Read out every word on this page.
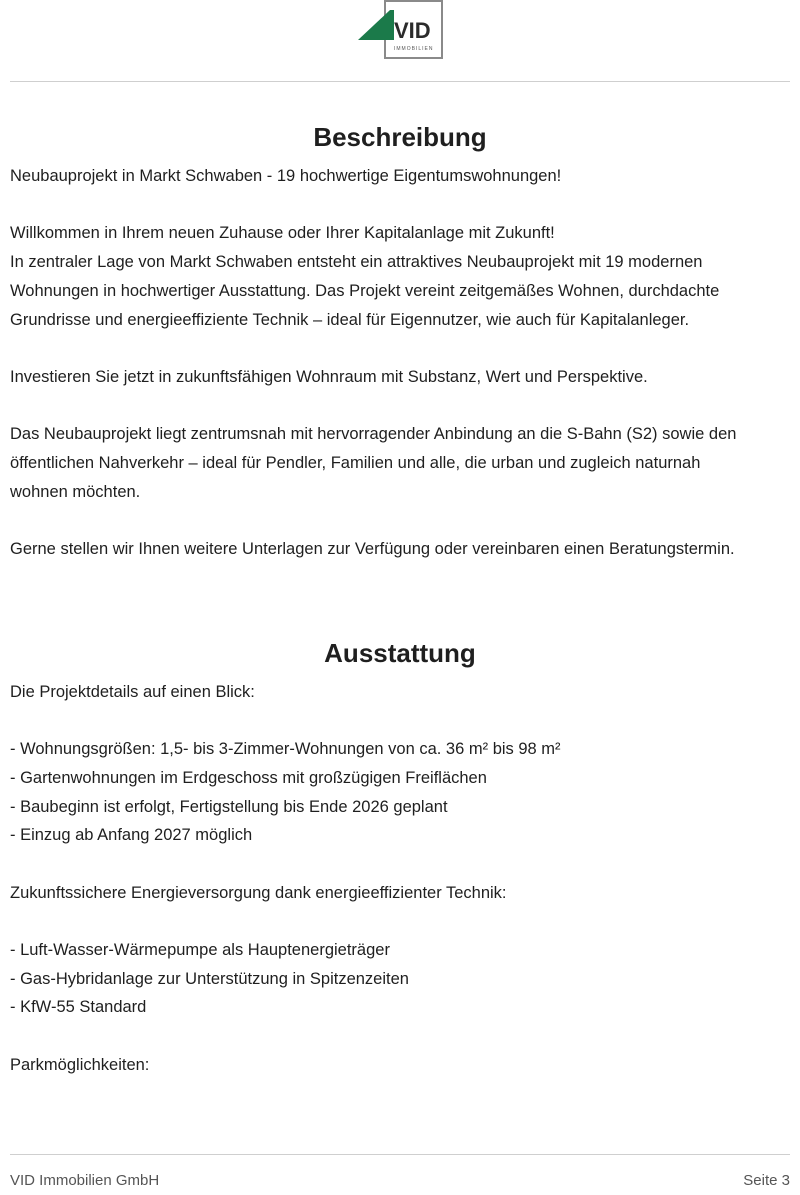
VID
IMMOBILIEN
Beschreibung

Neubauprojekt in Markt Schwaben - 19 hochwertige Eigentumswohnungen!

Willkommen in Ihrem neuen Zuhause oder Ihrer Kapitalanlage mit Zukunft!

In zentraler Lage von Markt Schwaben entsteht ein attraktives Neubauprojekt mit 19 modernen

Wohnungen in hochwertiger Ausstattung. Das Projekt vereint zeitgemäßes Wohnen, durchdachte

Grundrisse und energieeffiziente Technik – ideal für Eigennutzer, wie auch für Kapitalanleger.

Investieren Sie jetzt in zukunftsfähigen Wohnraum mit Substanz, Wert und Perspektive.

Das Neubauprojekt liegt zentrumsnah mit hervorragender Anbindung an die S-Bahn (S2) sowie den

öffentlichen Nahverkehr – ideal für Pendler, Familien und alle, die urban und zugleich naturnah

wohnen möchten.

Gerne stellen wir Ihnen weitere Unterlagen zur Verfügung oder vereinbaren einen Beratungstermin.

Ausstattung

Die Projektdetails auf einen Blick:

- Wohnungsgrößen: 1,5- bis 3-Zimmer-Wohnungen von ca. 36 m² bis 98 m²

- Gartenwohnungen im Erdgeschoss mit großzügigen Freiflächen

- Baubeginn ist erfolgt, Fertigstellung bis Ende 2026 geplant

- Einzug ab Anfang 2027 möglich

Zukunftssichere Energieversorgung dank energieeffizienter Technik:

- Luft-Wasser-Wärmepumpe als Hauptenergieträger

- Gas-Hybridanlage zur Unterstützung in Spitzenzeiten

- KfW-55 Standard

Parkmöglichkeiten:

VID Immobilien GmbH	Seite 3
